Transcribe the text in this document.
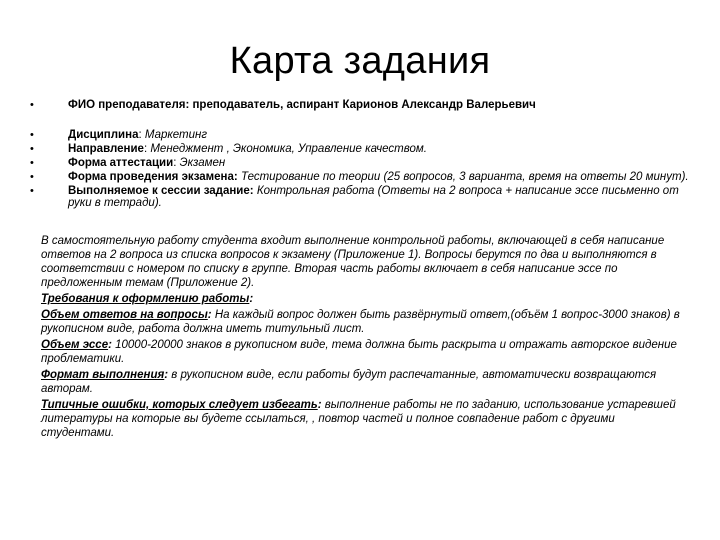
Карта задания
•	ФИО преподавателя: преподаватель, аспирант Карионов Александр Валерьевич
•	Дисциплина: Маркетинг
•	Направление: Менеджмент , Экономика, Управление качеством.
•	Форма аттестации: Экзамен
•	Форма проведения экзамена: Тестирование по теории (25 вопросов, 3 варианта, время на ответы 20 минут).
•	Выполняемое к сессии задание: Контрольная работа (Ответы на 2 вопроса + написание эссе письменно от руки в тетради).

В самостоятельную работу студента входит выполнение контрольной работы, включающей в себя написание ответов на 2 вопроса из списка вопросов к экзамену (Приложение 1). Вопросы берутся по два и выполняются в соответствии с номером по списку в группе. Вторая часть работы включает в себя написание эссе по предложенным темам (Приложение 2).

Требования к оформлению работы:

Объем ответов на вопросы: На каждый вопрос должен быть развёрнутый ответ,(объём 1 вопрос-3000 знаков) в рукописном виде, работа должна иметь титульный лист.

Объем эссе: 10000-20000 знаков в рукописном виде, тема должна быть раскрыта и отражать авторское видение проблематики.

Формат выполнения: в рукописном виде, если работы будут распечатанные, автоматически возвращаются авторам.

Типичные ошибки, которых следует избегать: выполнение работы не по заданию, использование устаревшей литературы на которые вы будете ссылаться, , повтор частей и полное совпадение работ с другими студентами.
